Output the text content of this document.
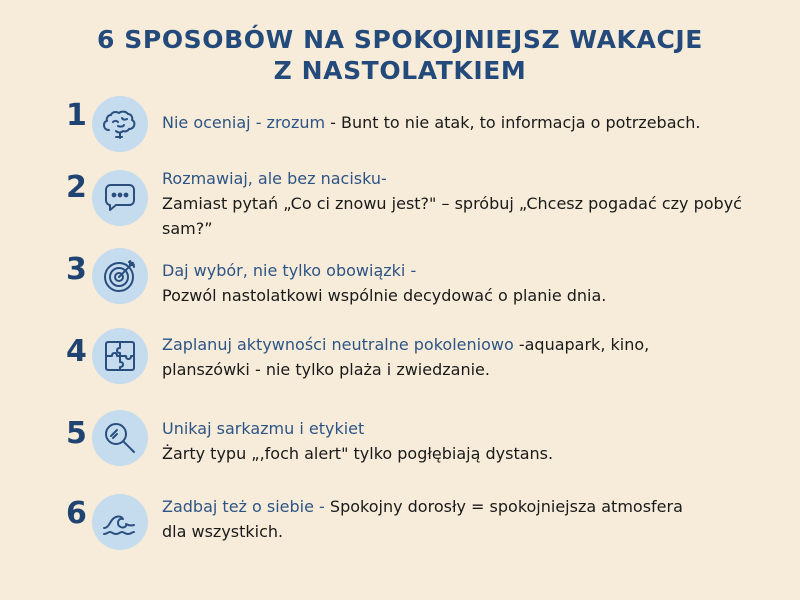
6 SPOSOBÓW NA SPOKOJNIEJSZ WAKACJE
Z NASTOLATKIEM
1	Nie oceniaj - zrozum - Bunt to nie atak, to informacja o potrzebach.
2	Rozmawiaj, ale bez nacisku-
Zamiast pytań „Co ci znowu jest?" – spróbuj „Chcesz pogadać czy pobyć
sam?”
3	Daj wybór, nie tylko obowiązki -
Pozwól nastolatkowi wspólnie decydować o planie dnia.
4	Zaplanuj aktywności neutralne pokoleniowo -aquapark, kino,
planszówki - nie tylko plaża i zwiedzanie.
5	Unikaj sarkazmu i etykiet
Żarty typu „,foch alert" tylko pogłębiają dystans.
6	Zadbaj też o siebie - Spokojny dorosły = spokojniejsza atmosfera
dla wszystkich.
